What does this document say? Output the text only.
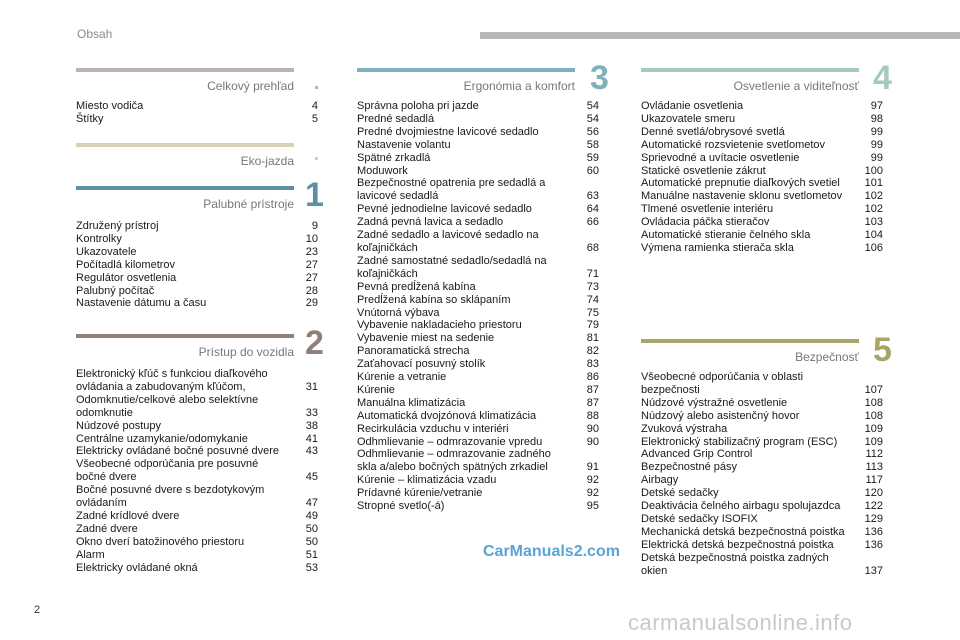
Obsah
Celkový prehľad
Miesto vodiča	4
Štítky	5
Eko-jazda
Palubné prístroje
Združený prístroj	9
Kontrolky	10
Ukazovatele	23
Počítadlá kilometrov	27
Regulátor osvetlenia	27
Palubný počítač	28
Nastavenie dátumu a času	29
1
Prístup do vozidla
Elektronický kľúč s funkciou diaľkového ovládania a zabudovaným kľúčom,	31
Odomknutie/celkové alebo selektívne odomknutie	33
Núdzové postupy	38
Centrálne uzamykanie/odomykanie	41
Elektricky ovládané bočné posuvné dvere	43
Všeobecné odporúčania pre posuvné bočné dvere	45
Bočné posuvné dvere s bezdotykovým ovládaním	47
Zadné krídlové dvere	49
Zadné dvere	50
Okno dverí batožinového priestoru	50
Alarm	51
Elektricky ovládané okná	53
2
Ergonómia a komfort
Správna poloha pri jazde	54
Predné sedadlá	54
Predné dvojmiestne lavicové sedadlo	56
Nastavenie volantu	58
Spätné zrkadlá	59
Moduwork	60
Bezpečnostné opatrenia pre sedadlá a lavicové sedadlá	63
Pevné jednodielne lavicové sedadlo	64
Zadná pevná lavica a sedadlo	66
Zadné sedadlo a lavicové sedadlo na koľajničkách	68
Zadné samostatné sedadlo/sedadlá na koľajničkách	71
Pevná predĺžená kabína	73
Predĺžená kabína so sklápaním	74
Vnútorná výbava	75
Vybavenie nakladacieho priestoru	79
Vybavenie miest na sedenie	81
Panoramatická strecha	82
Zaťahovací posuvný stolík	83
Kúrenie a vetranie	86
Kúrenie	87
Manuálna klimatizácia	87
Automatická dvojzónová klimatizácia	88
Recirkulácia vzduchu v interiéri	90
Odhmlievanie – odmrazovanie vpredu	90
Odhmlievanie – odmrazovanie zadného skla a/alebo bočných spätných zrkadiel	91
Kúrenie – klimatizácia vzadu	92
Prídavné kúrenie/vetranie	92
Stropné svetlo(-á)	95
3	Osvetlenie a viditeľnosť
Ovládanie osvetlenia	97
Ukazovatele smeru	98
Denné svetlá/obrysové svetlá	99
Automatické rozsvietenie svetlometov	99
Sprievodné a uvítacie osvetlenie	99
Statické osvetlenie zákrut	100
Automatické prepnutie diaľkových svetiel	101
Manuálne nastavenie sklonu svetlometov	102
Tlmené osvetlenie interiéru	102
Ovládacia páčka stieračov	103
Automatické stieranie čelného skla	104
Výmena ramienka stierača skla	106
4
Bezpečnosť
Všeobecné odporúčania v oblasti bezpečnosti	107
Núdzové výstražné osvetlenie	108
Núdzový alebo asistenčný hovor	108
Zvuková výstraha	109
Elektronický stabilizačný program (ESC)	109
Advanced Grip Control	112
Bezpečnostné pásy	113
Airbagy	117
Detské sedačky	120
Deaktivácia čelného airbagu spolujazdca	122
Detské sedačky ISOFIX	129
Mechanická detská bezpečnostná poistka	136
Elektrická detská bezpečnostná poistka	136
Detská bezpečnostná poistka zadných okien	137
5
CarManuals2.com
carmanualsonline.info
2
